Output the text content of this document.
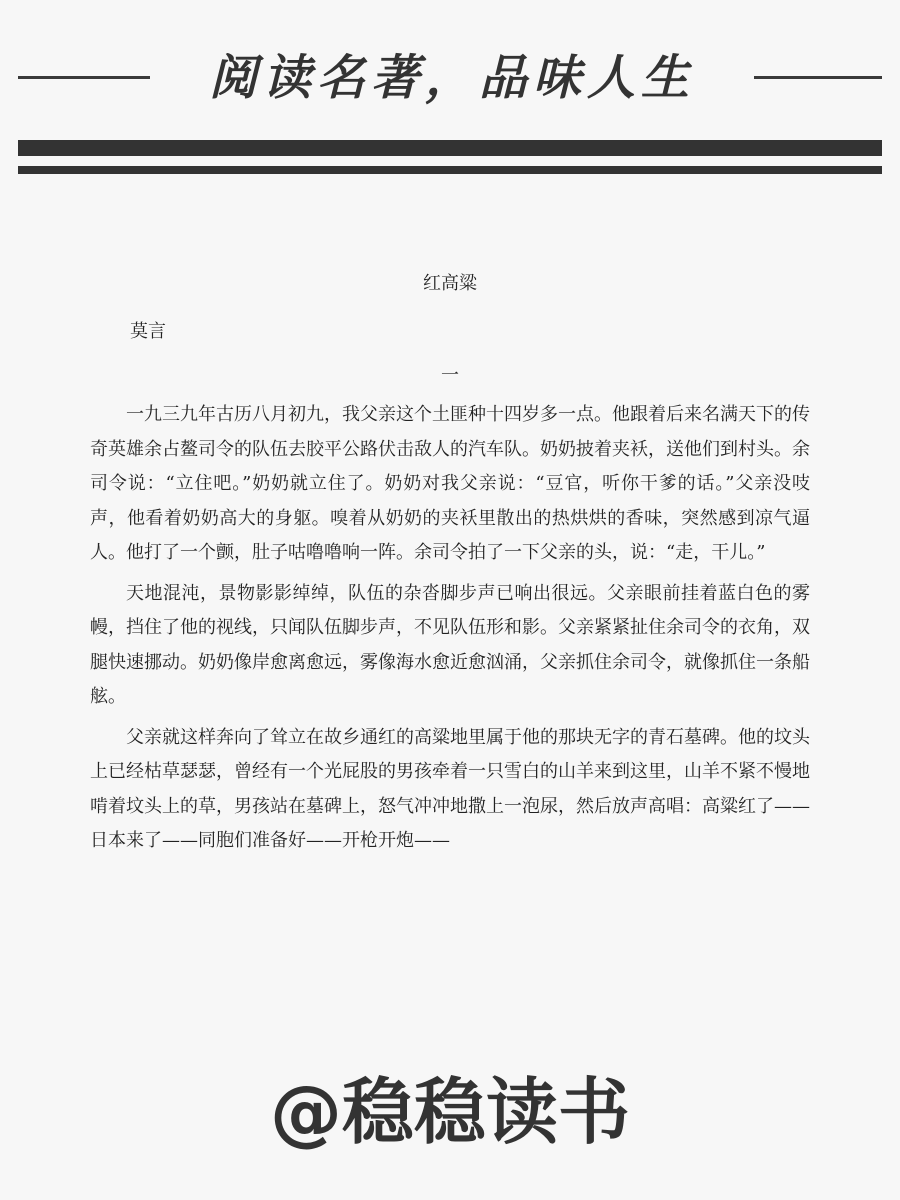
阅读名著，品味人生

红高粱

莫言

一

一九三九年古历八月初九，我父亲这个土匪种十四岁多一点。他跟着后来名满天下的传奇英雄余占鳌司令的队伍去胶平公路伏击敌人的汽车队。奶奶披着夹袄，送他们到村头。余司令说：“立住吧。”奶奶就立住了。奶奶对我父亲说：“豆官，听你干爹的话。”父亲没吱声，他看着奶奶高大的身躯。嗅着从奶奶的夹袄里散出的热烘烘的香味，突然感到凉气逼人。他打了一个颤，肚子咕噜噜响一阵。余司令拍了一下父亲的头，说：“走，干儿。”

天地混沌，景物影影绰绰，队伍的杂沓脚步声已响出很远。父亲眼前挂着蓝白色的雾幔，挡住了他的视线，只闻队伍脚步声，不见队伍形和影。父亲紧紧扯住余司令的衣角，双腿快速挪动。奶奶像岸愈离愈远，雾像海水愈近愈汹涌，父亲抓住余司令，就像抓住一条船舷。

父亲就这样奔向了耸立在故乡通红的高粱地里属于他的那块无字的青石墓碑。他的坟头上已经枯草瑟瑟，曾经有一个光屁股的男孩牵着一只雪白的山羊来到这里，山羊不紧不慢地啃着坟头上的草，男孩站在墓碑上，怒气冲冲地撒上一泡尿，然后放声高唱：高粱红了——日本来了——同胞们准备好——开枪开炮——

@稳稳读书
